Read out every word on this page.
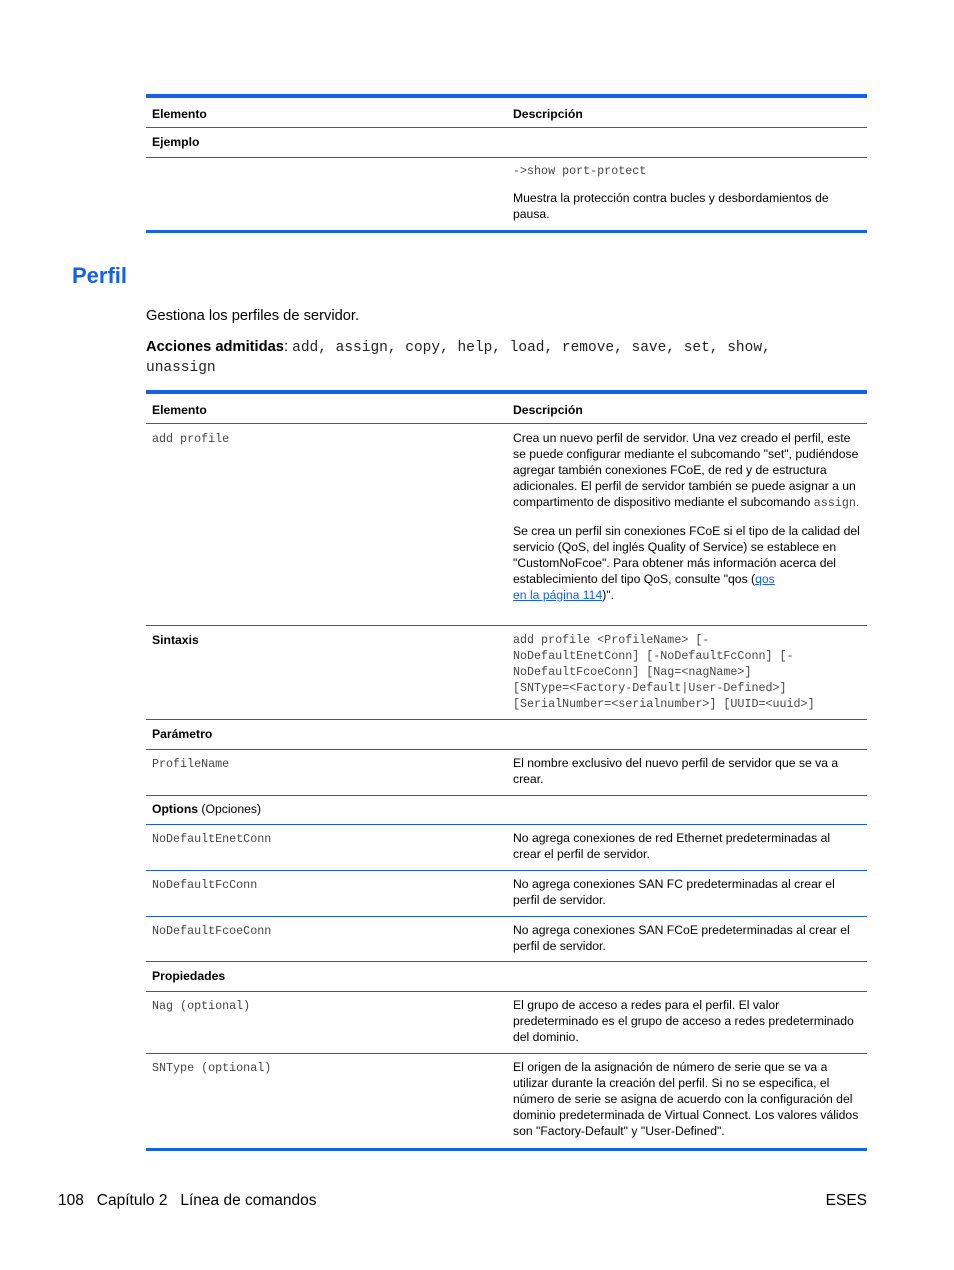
Elemento	Descripción
Ejemplo	

	->show port-protect

Muestra la protección contra bucles y desbordamientos de pausa.

Perfil
Gestiona los perfiles de servidor.
Acciones admitidas: add, assign, copy, help, load, remove, save, set, show,
unassign
Elemento	Descripción
add profile	Crea un nuevo perfil de servidor. Una vez creado el perfil, este se puede configurar mediante el subcomando "set", pudiéndose agregar también conexiones FCoE, de red y de estructura adicionales. El perfil de servidor también se puede asignar a un compartimento de dispositivo mediante el subcomando assign.

Se crea un perfil sin conexiones FCoE si el tipo de la calidad del servicio (QoS, del inglés Quality of Service) se establece en "CustomNoFcoe". Para obtener más información acerca del establecimiento del tipo QoS, consulte "qos (qos
en la página 114)".

Sintaxis	add profile <ProfileName> [-
NoDefaultEnetConn] [-NoDefaultFcConn] [-
NoDefaultFcoeConn] [Nag=<nagName>]
[SNType=<Factory-Default|User-Defined>]
[SerialNumber=<serialnumber>] [UUID=<uuid>]

Parámetro	
ProfileName	El nombre exclusivo del nuevo perfil de servidor que se va a crear.
Options (Opciones)	
NoDefaultEnetConn	No agrega conexiones de red Ethernet predeterminadas al crear el perfil de servidor.
NoDefaultFcConn	No agrega conexiones SAN FC predeterminadas al crear el perfil de servidor.
NoDefaultFcoeConn	No agrega conexiones SAN FCoE predeterminadas al crear el perfil de servidor.
Propiedades	
Nag (optional)	El grupo de acceso a redes para el perfil. El valor predeterminado es el grupo de acceso a redes predeterminado del dominio.
SNType (optional)	El origen de la asignación de número de serie que se va a utilizar durante la creación del perfil. Si no se especifica, el número de serie se asigna de acuerdo con la configuración del dominio predeterminada de Virtual Connect. Los valores válidos son "Factory-Default" y "User-Defined".
108   Capítulo 2   Línea de comandos	ESES
